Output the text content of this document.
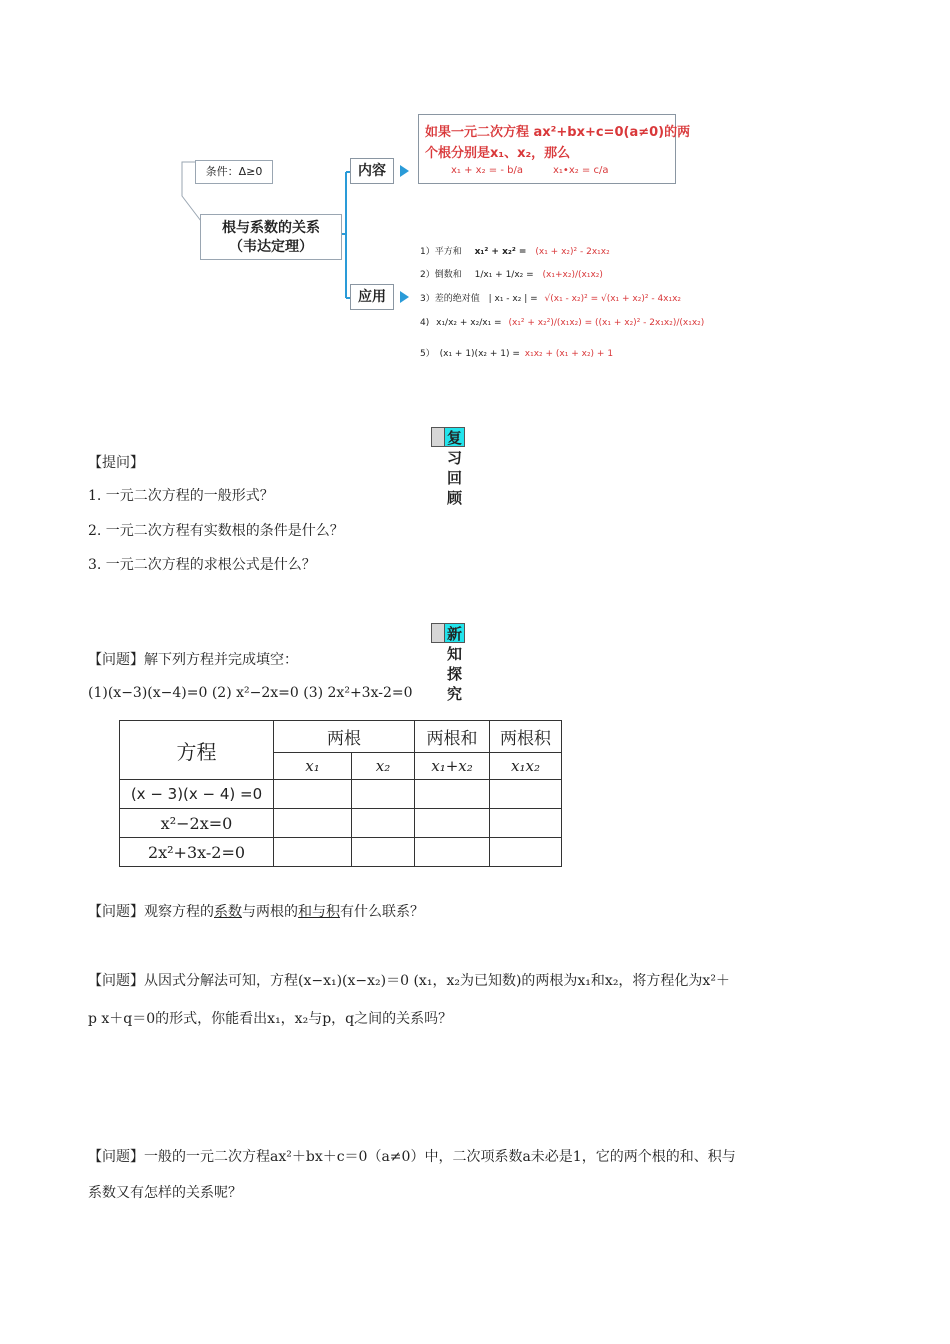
条件：Δ≥0
根与系数的关系
（韦达定理）
内容
应用
如果一元二次方程 ax²+bx+c=0(a≠0)的两
个根分别是x₁、x₂，那么
x₁ + x₂ = - b/a	x₁•x₂ = c/a
1）平方和 x₁² + x₂² = (x₁ + x₂)² - 2x₁x₂
2）倒数和 1/x₁ + 1/x₂ = (x₁+x₂)/(x₁x₂)
3）差的绝对值 | x₁ - x₂ | = √(x₁ - x₂)² = √(x₁ + x₂)² - 4x₁x₂
4) x₁/x₂ + x₂/x₁ = (x₁² + x₂²)/(x₁x₂) = ((x₁ + x₂)² - 2x₁x₂)/(x₁x₂)
5） (x₁ + 1)(x₂ + 1) = x₁x₂ + (x₁ + x₂) + 1
复习回顾
【提问】
1. 一元二次方程的一般形式？
2. 一元二次方程有实数根的条件是什么？
3. 一元二次方程的求根公式是什么？
新知探究
【问题】解下列方程并完成填空：
(1)(x−3)(x−4)=0 (2) x²−2x=0 (3) 2x²+3x-2=0
方程	两根		两根和	两根积
	x₁	x₂	x₁+x₂	x₁x₂
(x − 3)(x − 4) =0				
x²−2x=0				
2x²+3x-2=0				
【问题】观察方程的系数与两根的和与积有什么联系？
【问题】从因式分解法可知，方程(x−x₁)(x−x₂)＝0 (x₁，x₂为已知数)的两根为x₁和x₂，将方程化为x²＋
p x＋q＝0的形式，你能看出x₁，x₂与p，q之间的关系吗？
【问题】一般的一元二次方程ax²＋bx＋c＝0（a≠0）中，二次项系数a未必是1，它的两个根的和、积与
系数又有怎样的关系呢？
